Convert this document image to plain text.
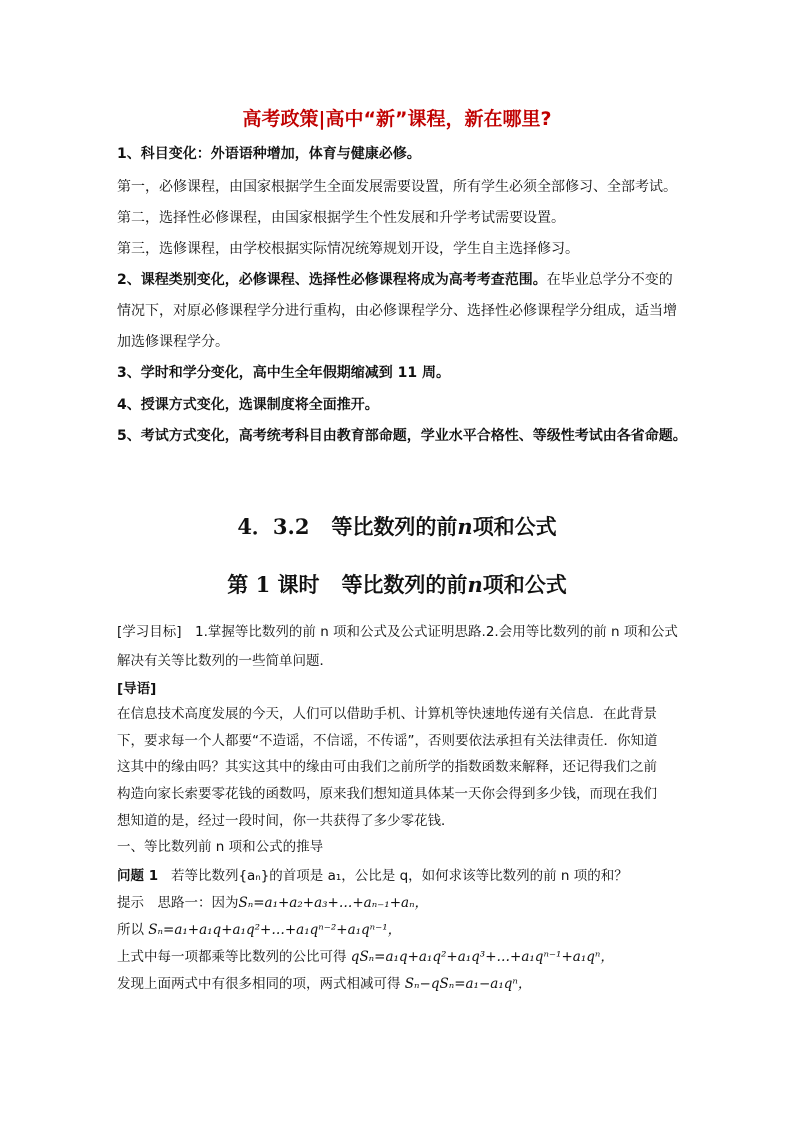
高考政策|高中“新”课程，新在哪里?
1、科目变化：外语语种增加，体育与健康必修。
第一，必修课程，由国家根据学生全面发展需要设置，所有学生必须全部修习、全部考试。
第二，选择性必修课程，由国家根据学生个性发展和升学考试需要设置。
第三，选修课程，由学校根据实际情况统筹规划开设，学生自主选择修习。
2、课程类别变化，必修课程、选择性必修课程将成为高考考查范围。在毕业总学分不变的
情况下，对原必修课程学分进行重构，由必修课程学分、选择性必修课程学分组成，适当增
加选修课程学分。
3、学时和学分变化，高中生全年假期缩减到 11 周。
4、授课方式变化，选课制度将全面推开。
5、考试方式变化，高考统考科目由教育部命题，学业水平合格性、等级性考试由各省命题。
4．3.2 等比数列的前n项和公式
第 1 课时 等比数列的前n项和公式
[学习目标]　1.掌握等比数列的前 n 项和公式及公式证明思路.2.会用等比数列的前 n 项和公式
解决有关等比数列的一些简单问题．
[导语]
在信息技术高度发展的今天，人们可以借助手机、计算机等快速地传递有关信息．在此背景
下，要求每一个人都要“不造谣，不信谣，不传谣”，否则要依法承担有关法律责任．你知道
这其中的缘由吗？其实这其中的缘由可由我们之前所学的指数函数来解释，还记得我们之前
构造向家长索要零花钱的函数吗，原来我们想知道具体某一天你会得到多少钱，而现在我们
想知道的是，经过一段时间，你一共获得了多少零花钱．
一、等比数列前 n 项和公式的推导
问题 1 若等比数列{aₙ}的首项是 a₁，公比是 q，如何求该等比数列的前 n 项的和？
提示　思路一：因为Sₙ=a₁+a₂+a₃+…+aₙ₋₁+aₙ，
所以 Sₙ=a₁+a₁q+a₁q²+…+a₁qⁿ⁻²+a₁qⁿ⁻¹，
上式中每一项都乘等比数列的公比可得 qSₙ=a₁q+a₁q²+a₁q³+…+a₁qⁿ⁻¹+a₁qⁿ，
发现上面两式中有很多相同的项，两式相减可得 Sₙ−qSₙ=a₁−a₁qⁿ，
